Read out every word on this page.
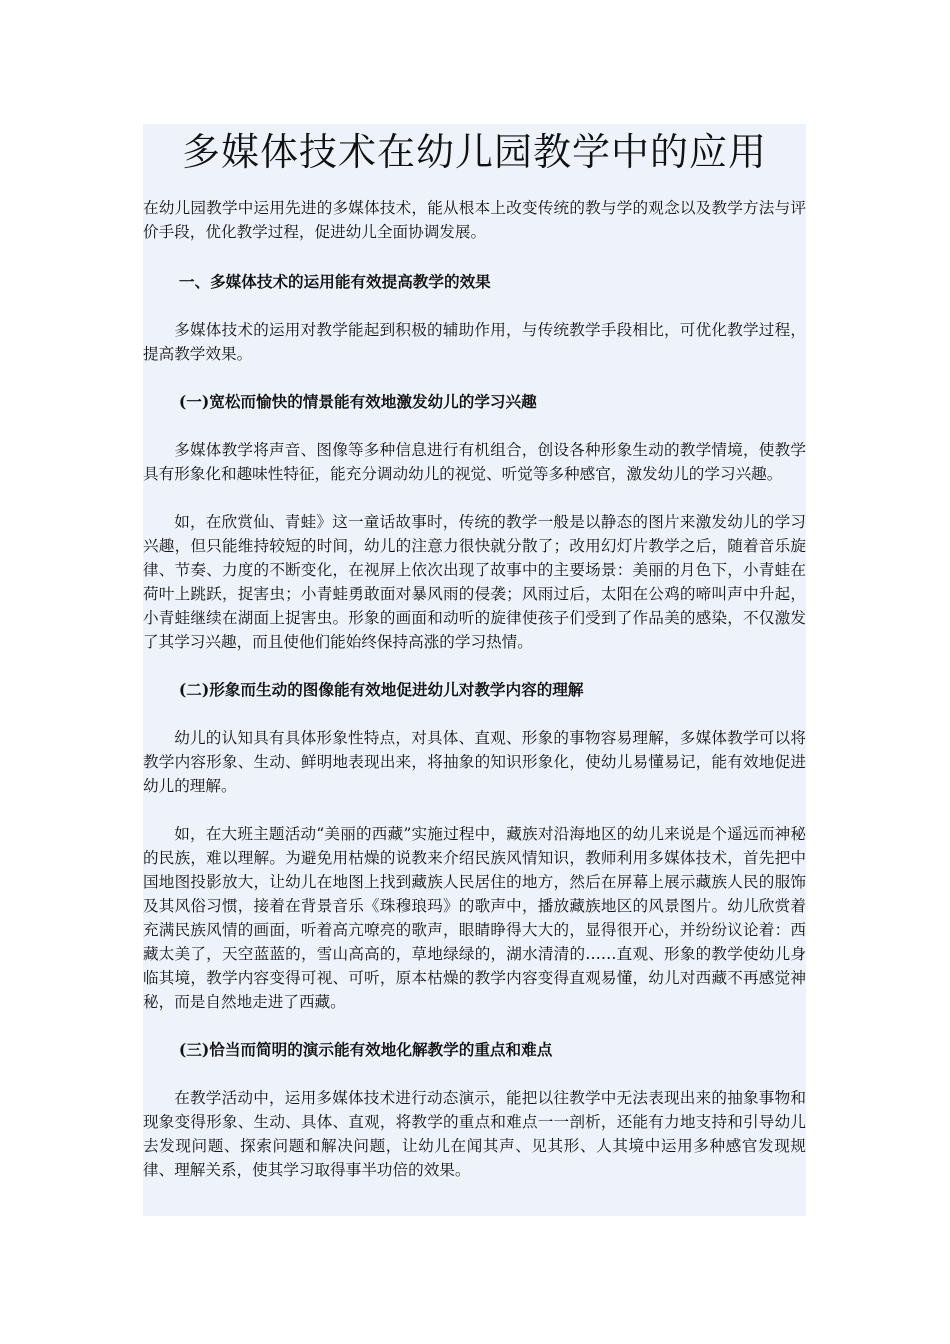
多媒体技术在幼儿园教学中的应用

在幼儿园教学中运用先进的多媒体技术，能从根本上改变传统的教与学的观念以及教学方法与评价手段，优化教学过程，促进幼儿全面协调发展。

一、多媒体技术的运用能有效提高教学的效果

多媒体技术的运用对教学能起到积极的辅助作用，与传统教学手段相比，可优化教学过程，提高教学效果。

(一)宽松而愉快的情景能有效地激发幼儿的学习兴趣

多媒体教学将声音、图像等多种信息进行有机组合，创设各种形象生动的教学情境，使教学具有形象化和趣味性特征，能充分调动幼儿的视觉、听觉等多种感官，激发幼儿的学习兴趣。

如，在欣赏仙、青蛙》这一童话故事时，传统的教学一般是以静态的图片来激发幼儿的学习兴趣，但只能维持较短的时间，幼儿的注意力很快就分散了；改用幻灯片教学之后，随着音乐旋律、节奏、力度的不断变化，在视屏上依次出现了故事中的主要场景：美丽的月色下，小青蛙在荷叶上跳跃，捉害虫；小青蛙勇敢面对暴风雨的侵袭；风雨过后，太阳在公鸡的啼叫声中升起，小青蛙继续在湖面上捉害虫。形象的画面和动听的旋律使孩子们受到了作品美的感染，不仅激发了其学习兴趣，而且使他们能始终保持高涨的学习热情。

(二)形象而生动的图像能有效地促进幼儿对教学内容的理解

幼儿的认知具有具体形象性特点，对具体、直观、形象的事物容易理解，多媒体教学可以将教学内容形象、生动、鲜明地表现出来，将抽象的知识形象化，使幼儿易懂易记，能有效地促进幼儿的理解。

如，在大班主题活动“美丽的西藏”实施过程中，藏族对沿海地区的幼儿来说是个遥远而神秘的民族，难以理解。为避免用枯燥的说教来介绍民族风情知识，教师利用多媒体技术，首先把中国地图投影放大，让幼儿在地图上找到藏族人民居住的地方，然后在屏幕上展示藏族人民的服饰及其风俗习惯，接着在背景音乐《珠穆琅玛》的歌声中，播放藏族地区的风景图片。幼儿欣赏着充满民族风情的画面，听着高亢嘹亮的歌声，眼睛睁得大大的，显得很开心，并纷纷议论着：西藏太美了，天空蓝蓝的，雪山高高的，草地绿绿的，湖水清清的……直观、形象的教学使幼儿身临其境，教学内容变得可视、可听，原本枯燥的教学内容变得直观易懂，幼儿对西藏不再感觉神秘，而是自然地走进了西藏。

(三)恰当而简明的演示能有效地化解教学的重点和难点

在教学活动中，运用多媒体技术进行动态演示，能把以往教学中无法表现出来的抽象事物和现象变得形象、生动、具体、直观，将教学的重点和难点一一剖析，还能有力地支持和引导幼儿去发现问题、探索问题和解决问题，让幼儿在闻其声、见其形、人其境中运用多种感官发现规律、理解关系，使其学习取得事半功倍的效果。
